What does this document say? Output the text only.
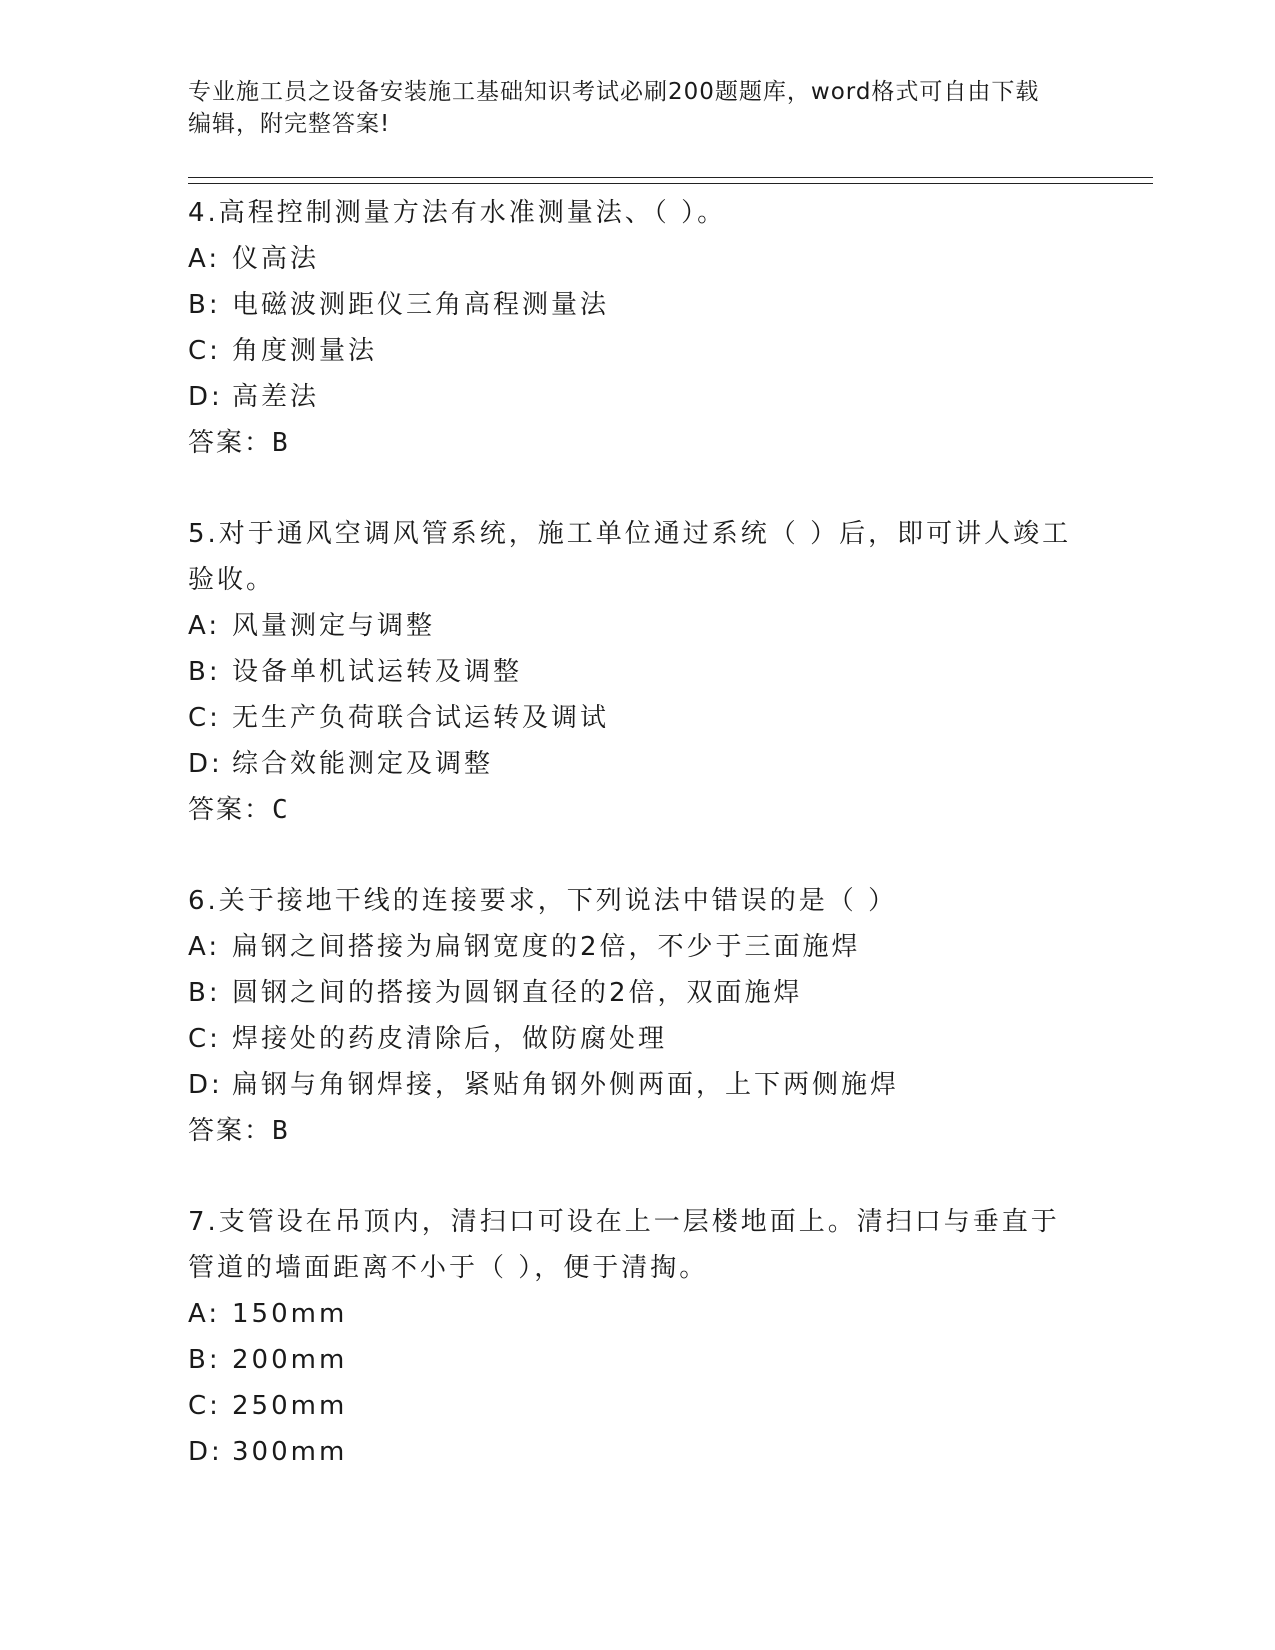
专业施工员之设备安装施工基础知识考试必刷200题题库，word格式可自由下载
编辑，附完整答案!
4.高程控制测量方法有水准测量法、（ ）。
A: 仪高法
B: 电磁波测距仪三角高程测量法
C: 角度测量法
D: 高差法
答案：B
5.对于通风空调风管系统，施工单位通过系统（ ）后，即可讲人竣工验收。
A: 风量测定与调整
B: 设备单机试运转及调整
C: 无生产负荷联合试运转及调试
D: 综合效能测定及调整
答案：C
6.关于接地干线的连接要求，下列说法中错误的是（ ）
A: 扁钢之间搭接为扁钢宽度的2倍，不少于三面施焊
B: 圆钢之间的搭接为圆钢直径的2倍，双面施焊
C: 焊接处的药皮清除后，做防腐处理
D: 扁钢与角钢焊接，紧贴角钢外侧两面，上下两侧施焊
答案：B
7.支管设在吊顶内，清扫口可设在上一层楼地面上。清扫口与垂直于管道的墙面距离不小于（ ），便于清掏。
A: 150mm
B: 200mm
C: 250mm
D: 300mm
